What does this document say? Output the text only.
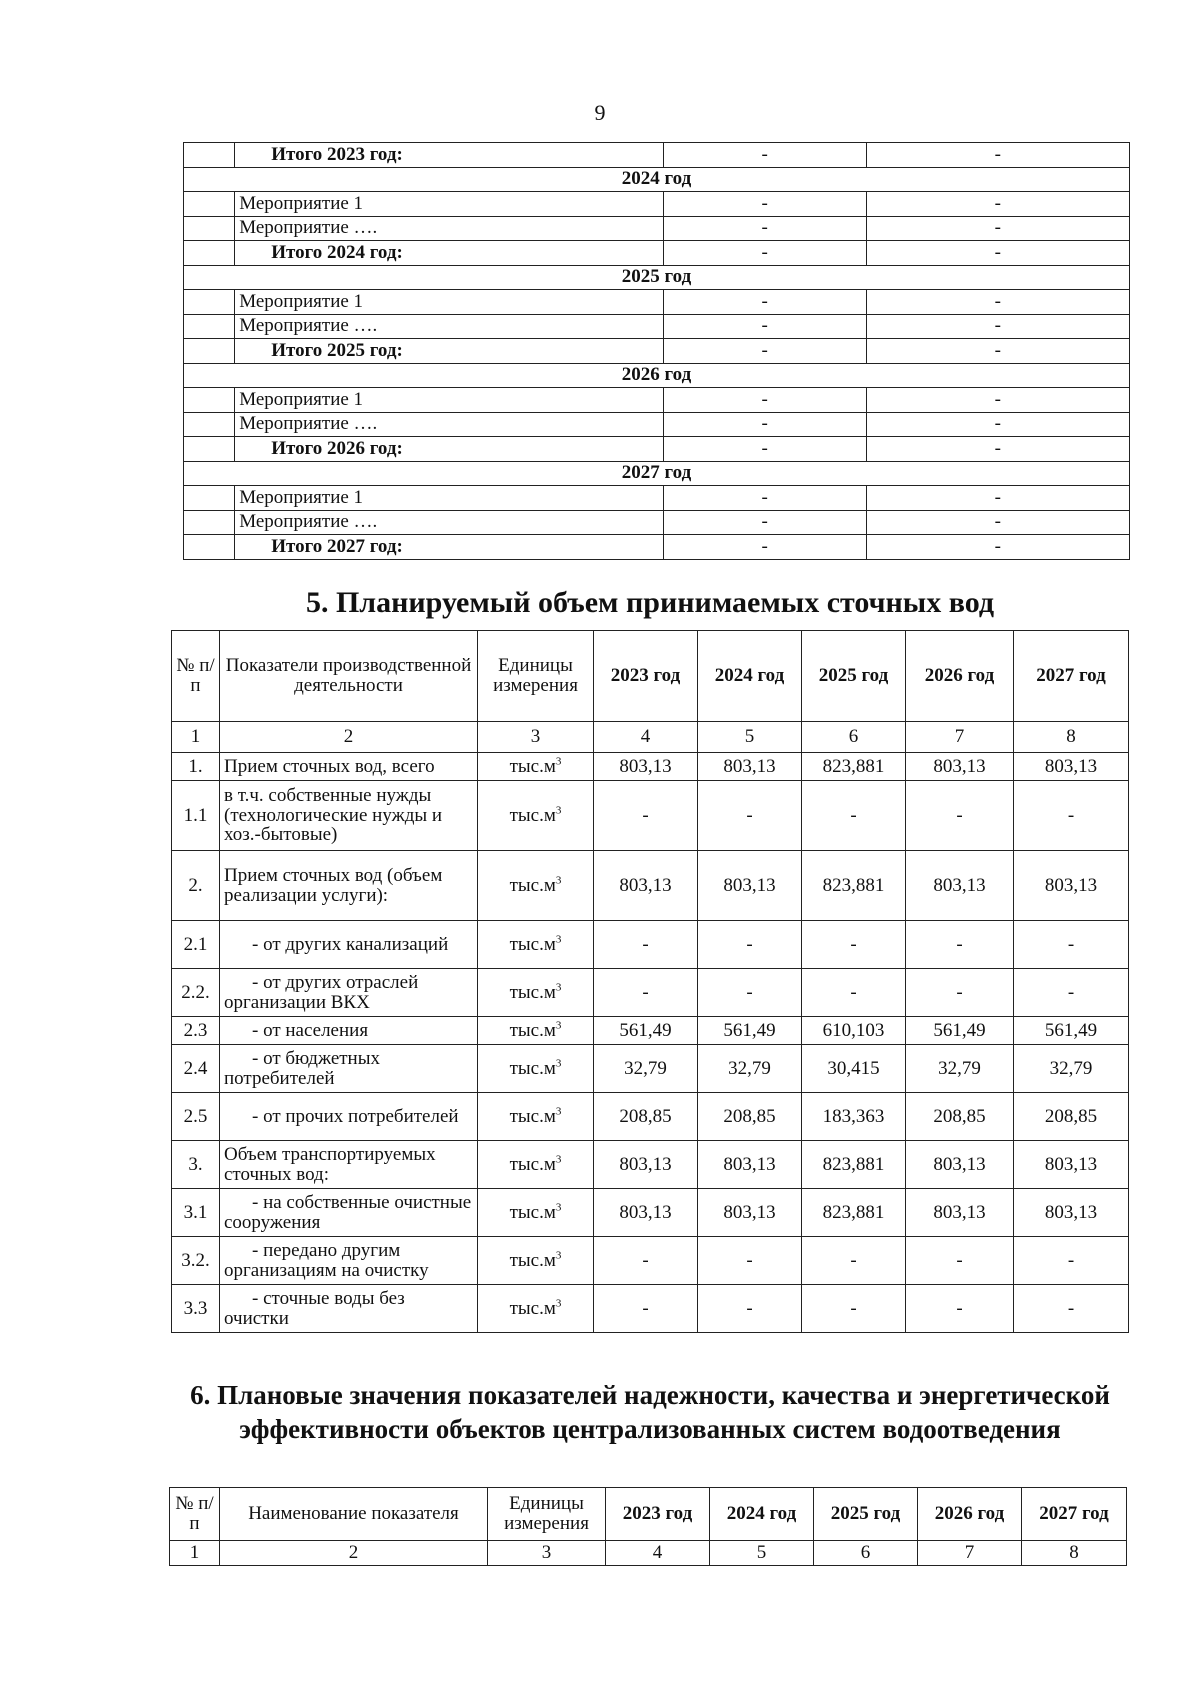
9
	Итого 2023 год:	-	-
2024 год			
	Мероприятие 1	-	-
	Мероприятие ….	-	-
	Итого 2024 год:	-	-
2025 год			
	Мероприятие 1	-	-
	Мероприятие ….	-	-
	Итого 2025 год:	-	-
2026 год			
	Мероприятие 1	-	-
	Мероприятие ….	-	-
	Итого 2026 год:	-	-
2027 год			
	Мероприятие 1	-	-
	Мероприятие ….	-	-
	Итого 2027 год:	-	-
5. Планируемый объем принимаемых сточных вод
№ п/п	Показатели производственной деятельности	Единицы измерения	2023 год	2024 год	2025 год	2026 год	2027 год
1	2	3	4	5	6	7	8
1.	Прием сточных вод, всего	$тыс.м^3$	803,13	803,13	823,881	803,13	803,13
1.1	в т.ч. собственные нужды (технологические нужды и хоз.-бытовые)	$тыс.м^3$	-	-	-	-	-
2.	Прием сточных вод (объем реализации услуги):	$тыс.м^3$	803,13	803,13	823,881	803,13	803,13
2.1	- от других канализаций	$тыс.м^3$	-	-	-	-	-
2.2.	- от других отраслей организации ВКХ	$тыс.м^3$	-	-	-	-	-
2.3	- от населения	$тыс.м^3$	561,49	561,49	610,103	561,49	561,49
2.4	- от бюджетных потребителей	$тыс.м^3$	32,79	32,79	30,415	32,79	32,79
2.5	- от прочих потребителей	$тыс.м^3$	208,85	208,85	183,363	208,85	208,85
3.	Объем транспортируемых сточных вод:	$тыс.м^3$	803,13	803,13	823,881	803,13	803,13
3.1	- на собственные очистные сооружения	$тыс.м^3$	803,13	803,13	823,881	803,13	803,13
3.2.	- передано другим организациям на очистку	$тыс.м^3$	-	-	-	-	-
3.3	- сточные воды без очистки	$тыс.м^3$	-	-	-	-	-
6. Плановые значения показателей надежности, качества и энергетической эффективности объектов централизованных систем водоотведения
№ п/п	Наименование показателя	Единицы измерения	2023 год	2024 год	2025 год	2026 год	2027 год
1	2	3	4	5	6	7	8
